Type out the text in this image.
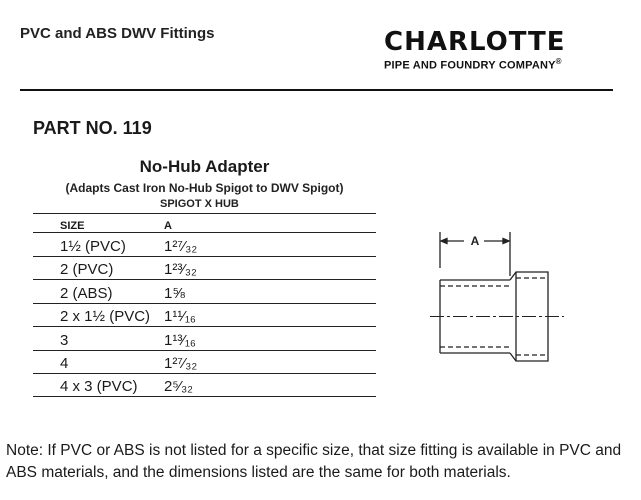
PVC and ABS DWV Fittings	CHARLOTTE
PIPE AND FOUNDRY COMPANY®
PART NO. 119
No-Hub Adapter
(Adapts Cast Iron No-Hub Spigot to DWV Spigot)
SPIGOT X HUB
SIZE	A
1½ (PVC)	1²⁷⁄₃₂
2 (PVC)	1²³⁄₃₂
2 (ABS)	1⅝
2 x 1½ (PVC) 1¹¹⁄₁₆
3	1¹³⁄₁₆
4	1²⁷⁄₃₂
4 x 3 (PVC)	2⁵⁄₃₂
A
Note: If PVC or ABS is not listed for a specific size, that size fitting is available in PVC and ABS materials, and the dimensions listed are the same for both materials.
